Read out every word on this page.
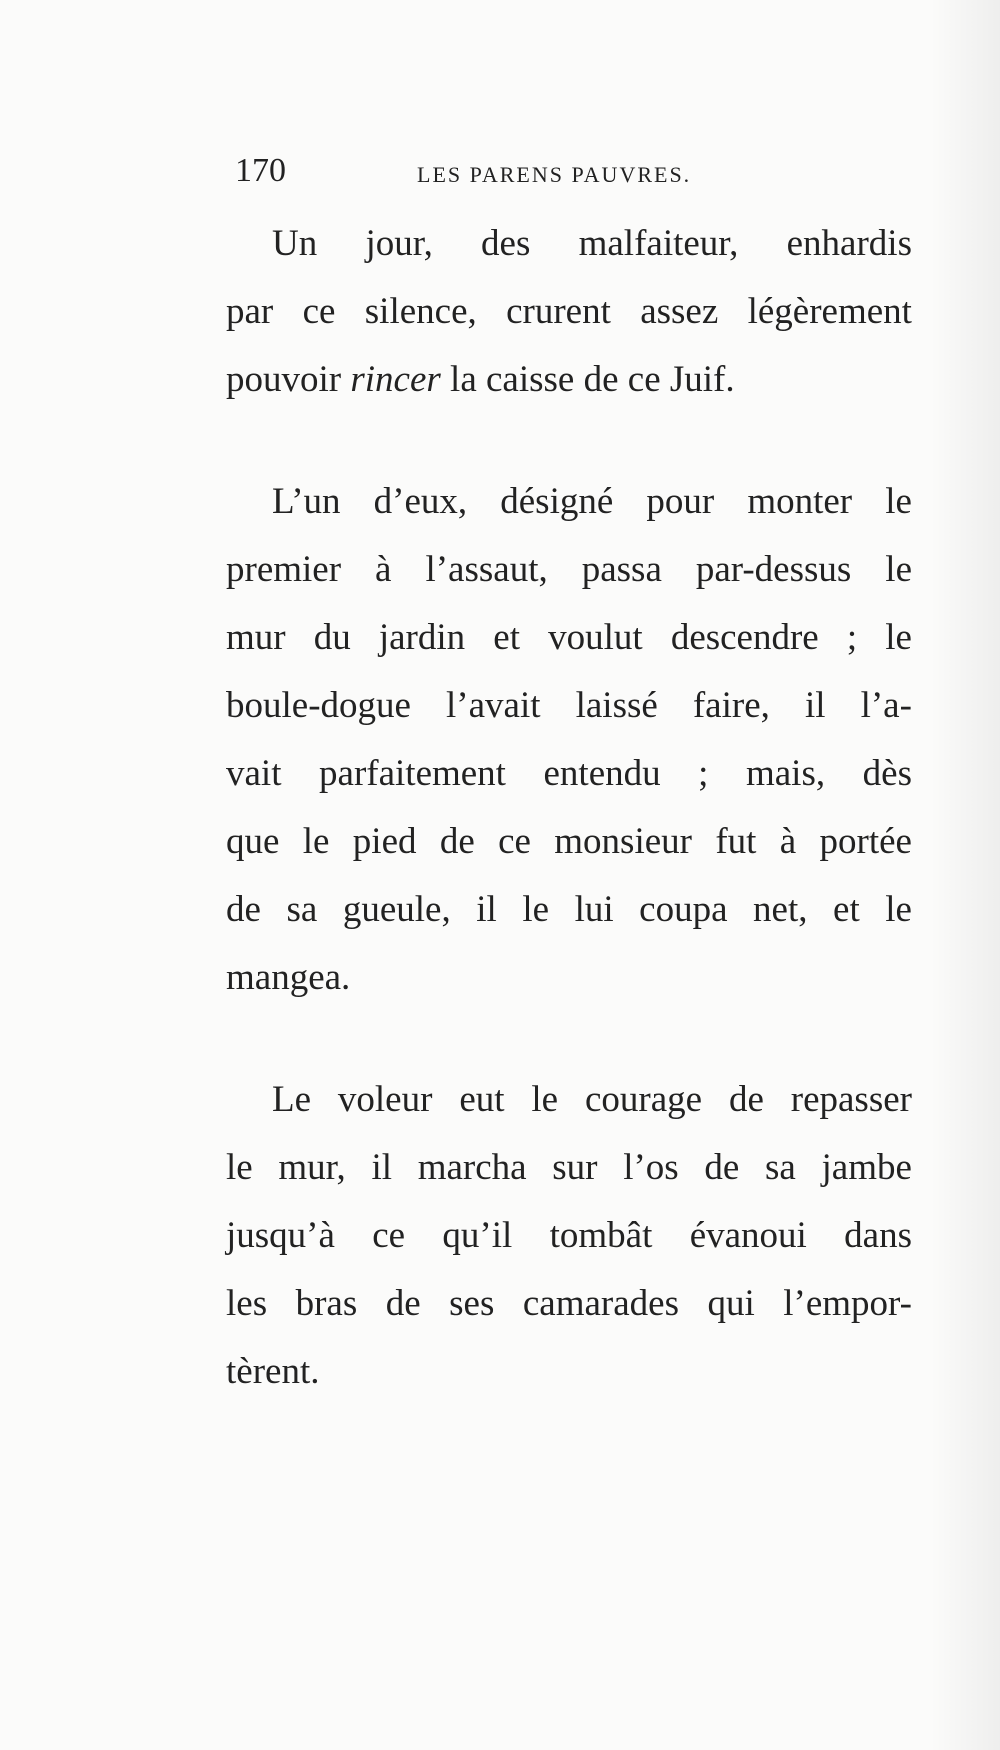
170	LES PARENS PAUVRES.
Un jour, des malfaiteur, enhardis
par ce silence, crurent assez légèrement
pouvoir rincer la caisse de ce Juif.
L’un d’eux, désigné pour monter le
premier à l’assaut, passa par-dessus le
mur du jardin et voulut descendre ; le
boule-dogue l’avait laissé faire, il l’a-
vait parfaitement entendu ; mais, dès
que le pied de ce monsieur fut à portée
de sa gueule, il le lui coupa net, et le
mangea.
Le voleur eut le courage de repasser
le mur, il marcha sur l’os de sa jambe
jusqu’à ce qu’il tombât évanoui dans
les bras de ses camarades qui l’empor-
tèrent.
